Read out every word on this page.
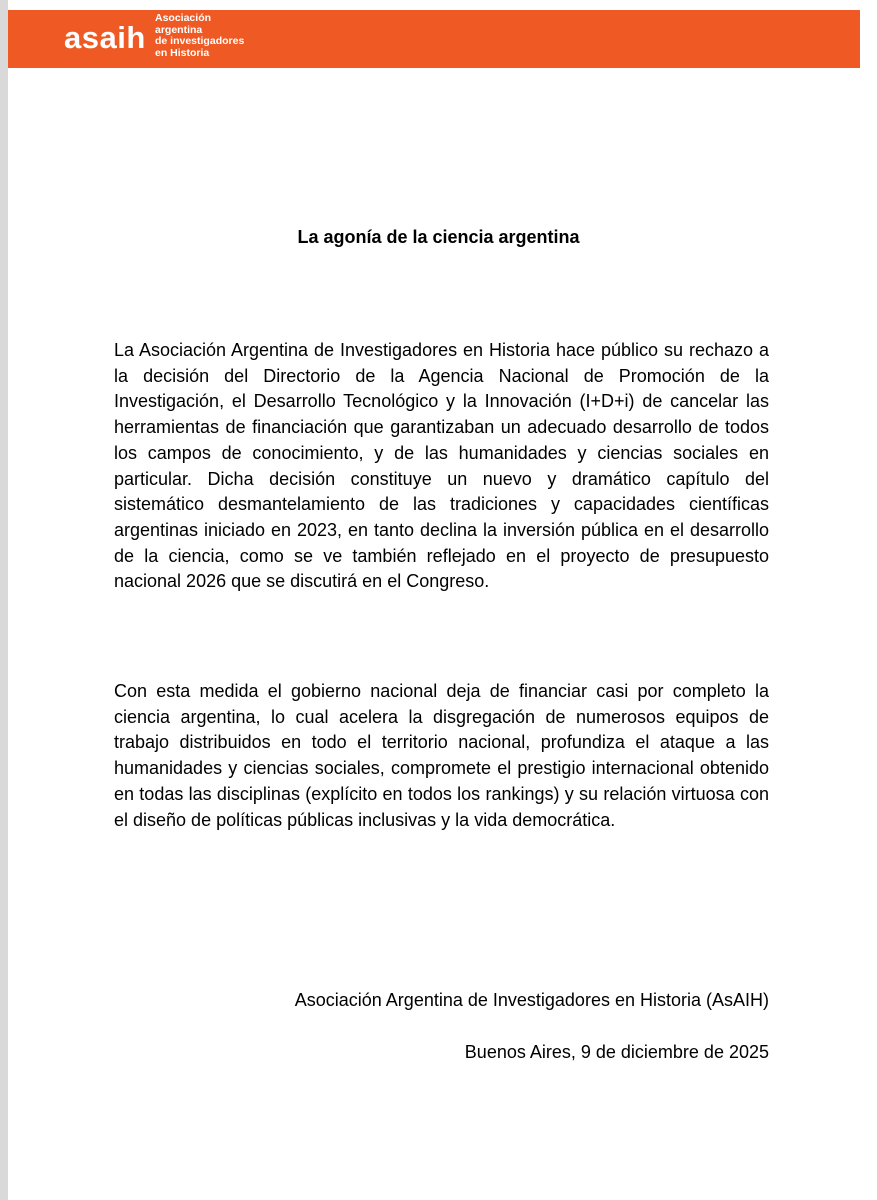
asaih
Asociación
argentina
de investigadores
en Historia
La agonía de la ciencia argentina

La Asociación Argentina de Investigadores en Historia hace público su rechazo a la decisión del Directorio de la Agencia Nacional de Promoción de la Investigación, el Desarrollo Tecnológico y la Innovación (I+D+i) de cancelar las herramientas de financiación que garantizaban un adecuado desarrollo de todos los campos de conocimiento, y de las humanidades y ciencias sociales en particular. Dicha decisión constituye un nuevo y dramático capítulo del sistemático desmantelamiento de las tradiciones y capacidades científicas argentinas iniciado en 2023, en tanto declina la inversión pública en el desarrollo de la ciencia, como se ve también reflejado en el proyecto de presupuesto nacional 2026 que se discutirá en el Congreso.

Con esta medida el gobierno nacional deja de financiar casi por completo la ciencia argentina, lo cual acelera la disgregación de numerosos equipos de trabajo distribuidos en todo el territorio nacional, profundiza el ataque a las humanidades y ciencias sociales, compromete el prestigio internacional obtenido en todas las disciplinas (explícito en todos los rankings) y su relación virtuosa con el diseño de políticas públicas inclusivas y la vida democrática.

Asociación Argentina de Investigadores en Historia (AsAIH)
Buenos Aires, 9 de diciembre de 2025
